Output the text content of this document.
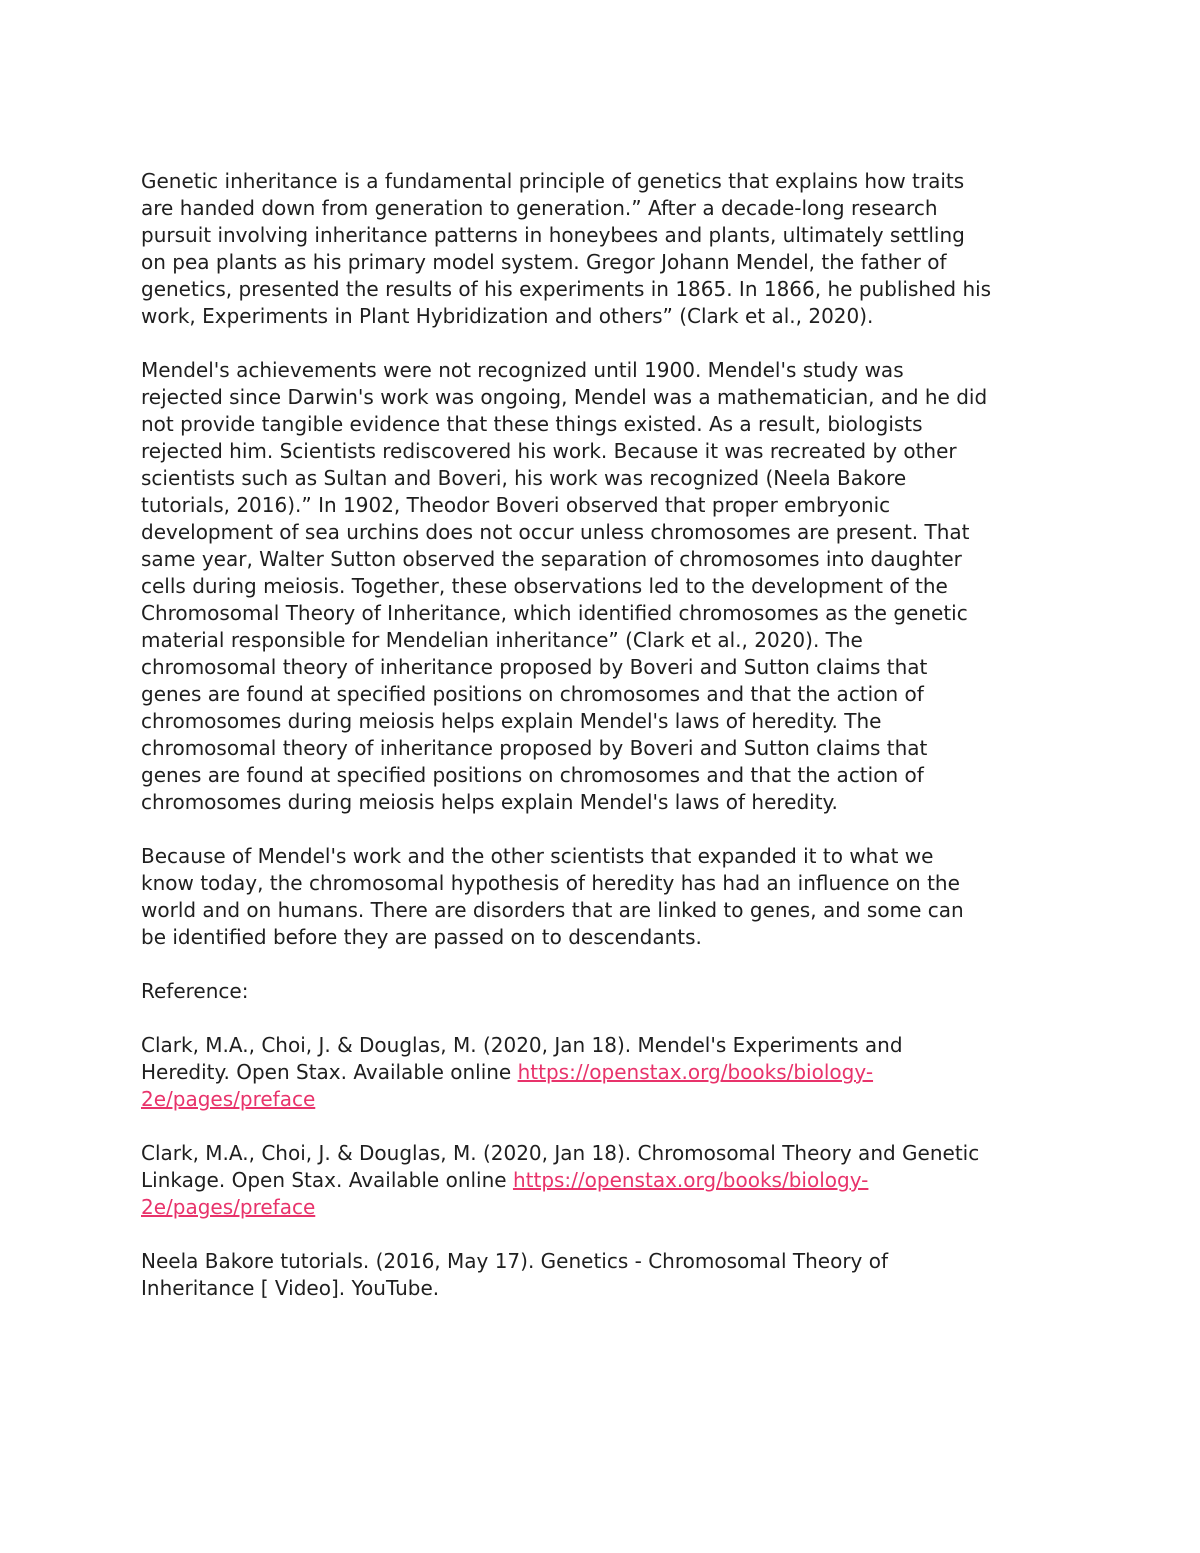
Genetic inheritance is a fundamental principle of genetics that explains how traits
are handed down from generation to generation.” After a decade-long research
pursuit involving inheritance patterns in honeybees and plants, ultimately settling
on pea plants as his primary model system. Gregor Johann Mendel, the father of
genetics, presented the results of his experiments in 1865. In 1866, he published his
work, Experiments in Plant Hybridization and others” (Clark et al., 2020).

Mendel's achievements were not recognized until 1900. Mendel's study was
rejected since Darwin's work was ongoing, Mendel was a mathematician, and he did
not provide tangible evidence that these things existed. As a result, biologists
rejected him. Scientists rediscovered his work. Because it was recreated by other
scientists such as Sultan and Boveri, his work was recognized (Neela Bakore
tutorials, 2016).” In 1902, Theodor Boveri observed that proper embryonic
development of sea urchins does not occur unless chromosomes are present. That
same year, Walter Sutton observed the separation of chromosomes into daughter
cells during meiosis. Together, these observations led to the development of the
Chromosomal Theory of Inheritance, which identified chromosomes as the genetic
material responsible for Mendelian inheritance” (Clark et al., 2020). The
chromosomal theory of inheritance proposed by Boveri and Sutton claims that
genes are found at specified positions on chromosomes and that the action of
chromosomes during meiosis helps explain Mendel's laws of heredity. The
chromosomal theory of inheritance proposed by Boveri and Sutton claims that
genes are found at specified positions on chromosomes and that the action of
chromosomes during meiosis helps explain Mendel's laws of heredity.

Because of Mendel's work and the other scientists that expanded it to what we
know today, the chromosomal hypothesis of heredity has had an influence on the
world and on humans. There are disorders that are linked to genes, and some can
be identified before they are passed on to descendants.

Reference:

Clark, M.A., Choi, J. & Douglas, M. (2020, Jan 18). Mendel's Experiments and
Heredity. Open Stax. Available online https://openstax.org/books/biology-
2e/pages/preface
Clark, M.A., Choi, J. & Douglas, M. (2020, Jan 18). Chromosomal Theory and Genetic
Linkage. Open Stax. Available online https://openstax.org/books/biology-
2e/pages/preface
Neela Bakore tutorials. (2016, May 17). Genetics - Chromosomal Theory of
Inheritance [ Video]. YouTube.
